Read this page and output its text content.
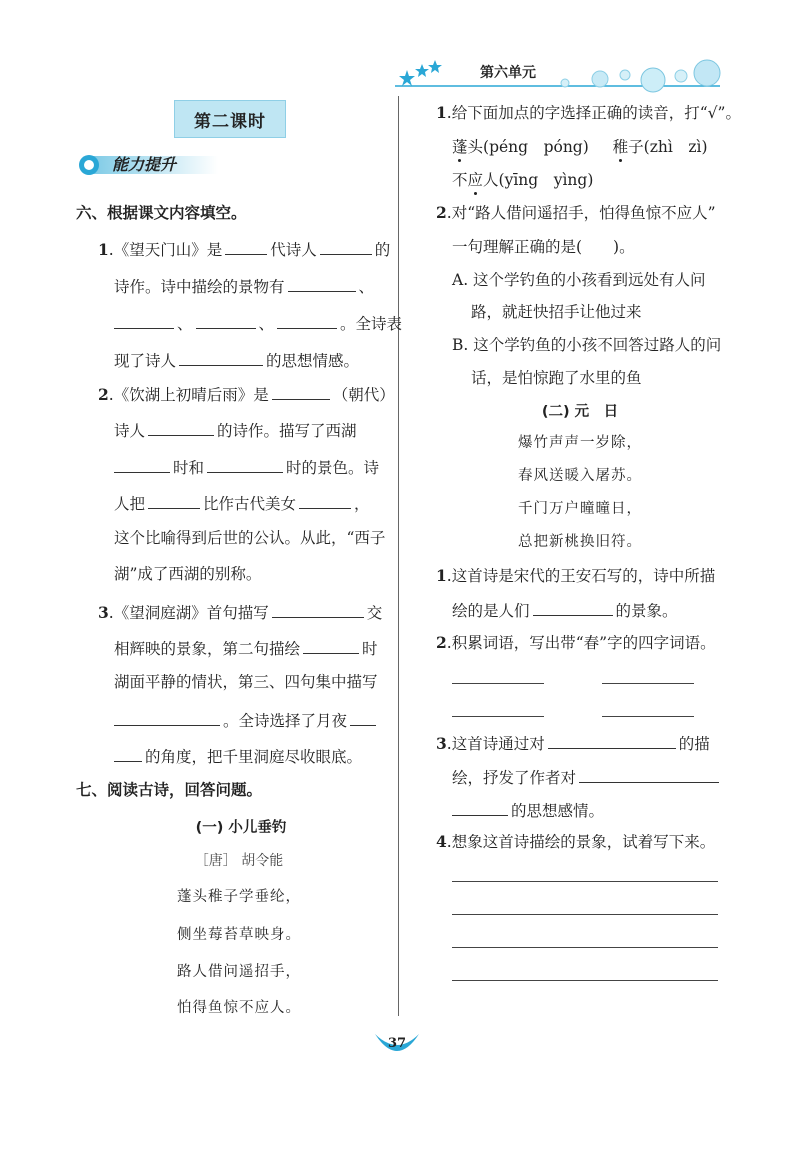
第六单元
第二课时
能力提升
六、根据课文内容填空。
1.《望天门山》是	代诗人	的
诗作。诗中描绘的景物有	、
、	、	。全诗表
现了诗人	的思想情感。
2.《饮湖上初晴后雨》是	（朝代）
诗人	的诗作。描写了西湖
时和	时的景色。诗
人把	比作古代美女	，
这个比喻得到后世的公认。从此，“西子
湖”成了西湖的别称。
3.《望洞庭湖》首句描写	交
相辉映的景象，第二句描绘	时
湖面平静的情状，第三、四句集中描写
。全诗选择了月夜
的角度，把千里洞庭尽收眼底。
七、阅读古诗，回答问题。
(一) 小儿垂钓
［唐］ 胡令能
蓬头稚子学垂纶，
侧坐莓苔草映身。
路人借问遥招手，
怕得鱼惊不应人。
1.给下面加点的字选择正确的读音，打“√”。
蓬头(péng　póng) 稚子(zhì　zì)
不应人(yīng　yìng)
2.对“路人借问遥招手，怕得鱼惊不应人”
一句理解正确的是(　　)。
A. 这个学钓鱼的小孩看到远处有人问
路，就赶快招手让他过来
B. 这个学钓鱼的小孩不回答过路人的问
话，是怕惊跑了水里的鱼
(二) 元　日
爆竹声声一岁除，
春风送暖入屠苏。
千门万户曈曈日，
总把新桃换旧符。
1.这首诗是宋代的王安石写的，诗中所描
绘的是人们	的景象。
2.积累词语，写出带“春”字的四字词语。
3.这首诗通过对	的描
绘，抒发了作者对
的思想感情。
4.想象这首诗描绘的景象，试着写下来。
37
